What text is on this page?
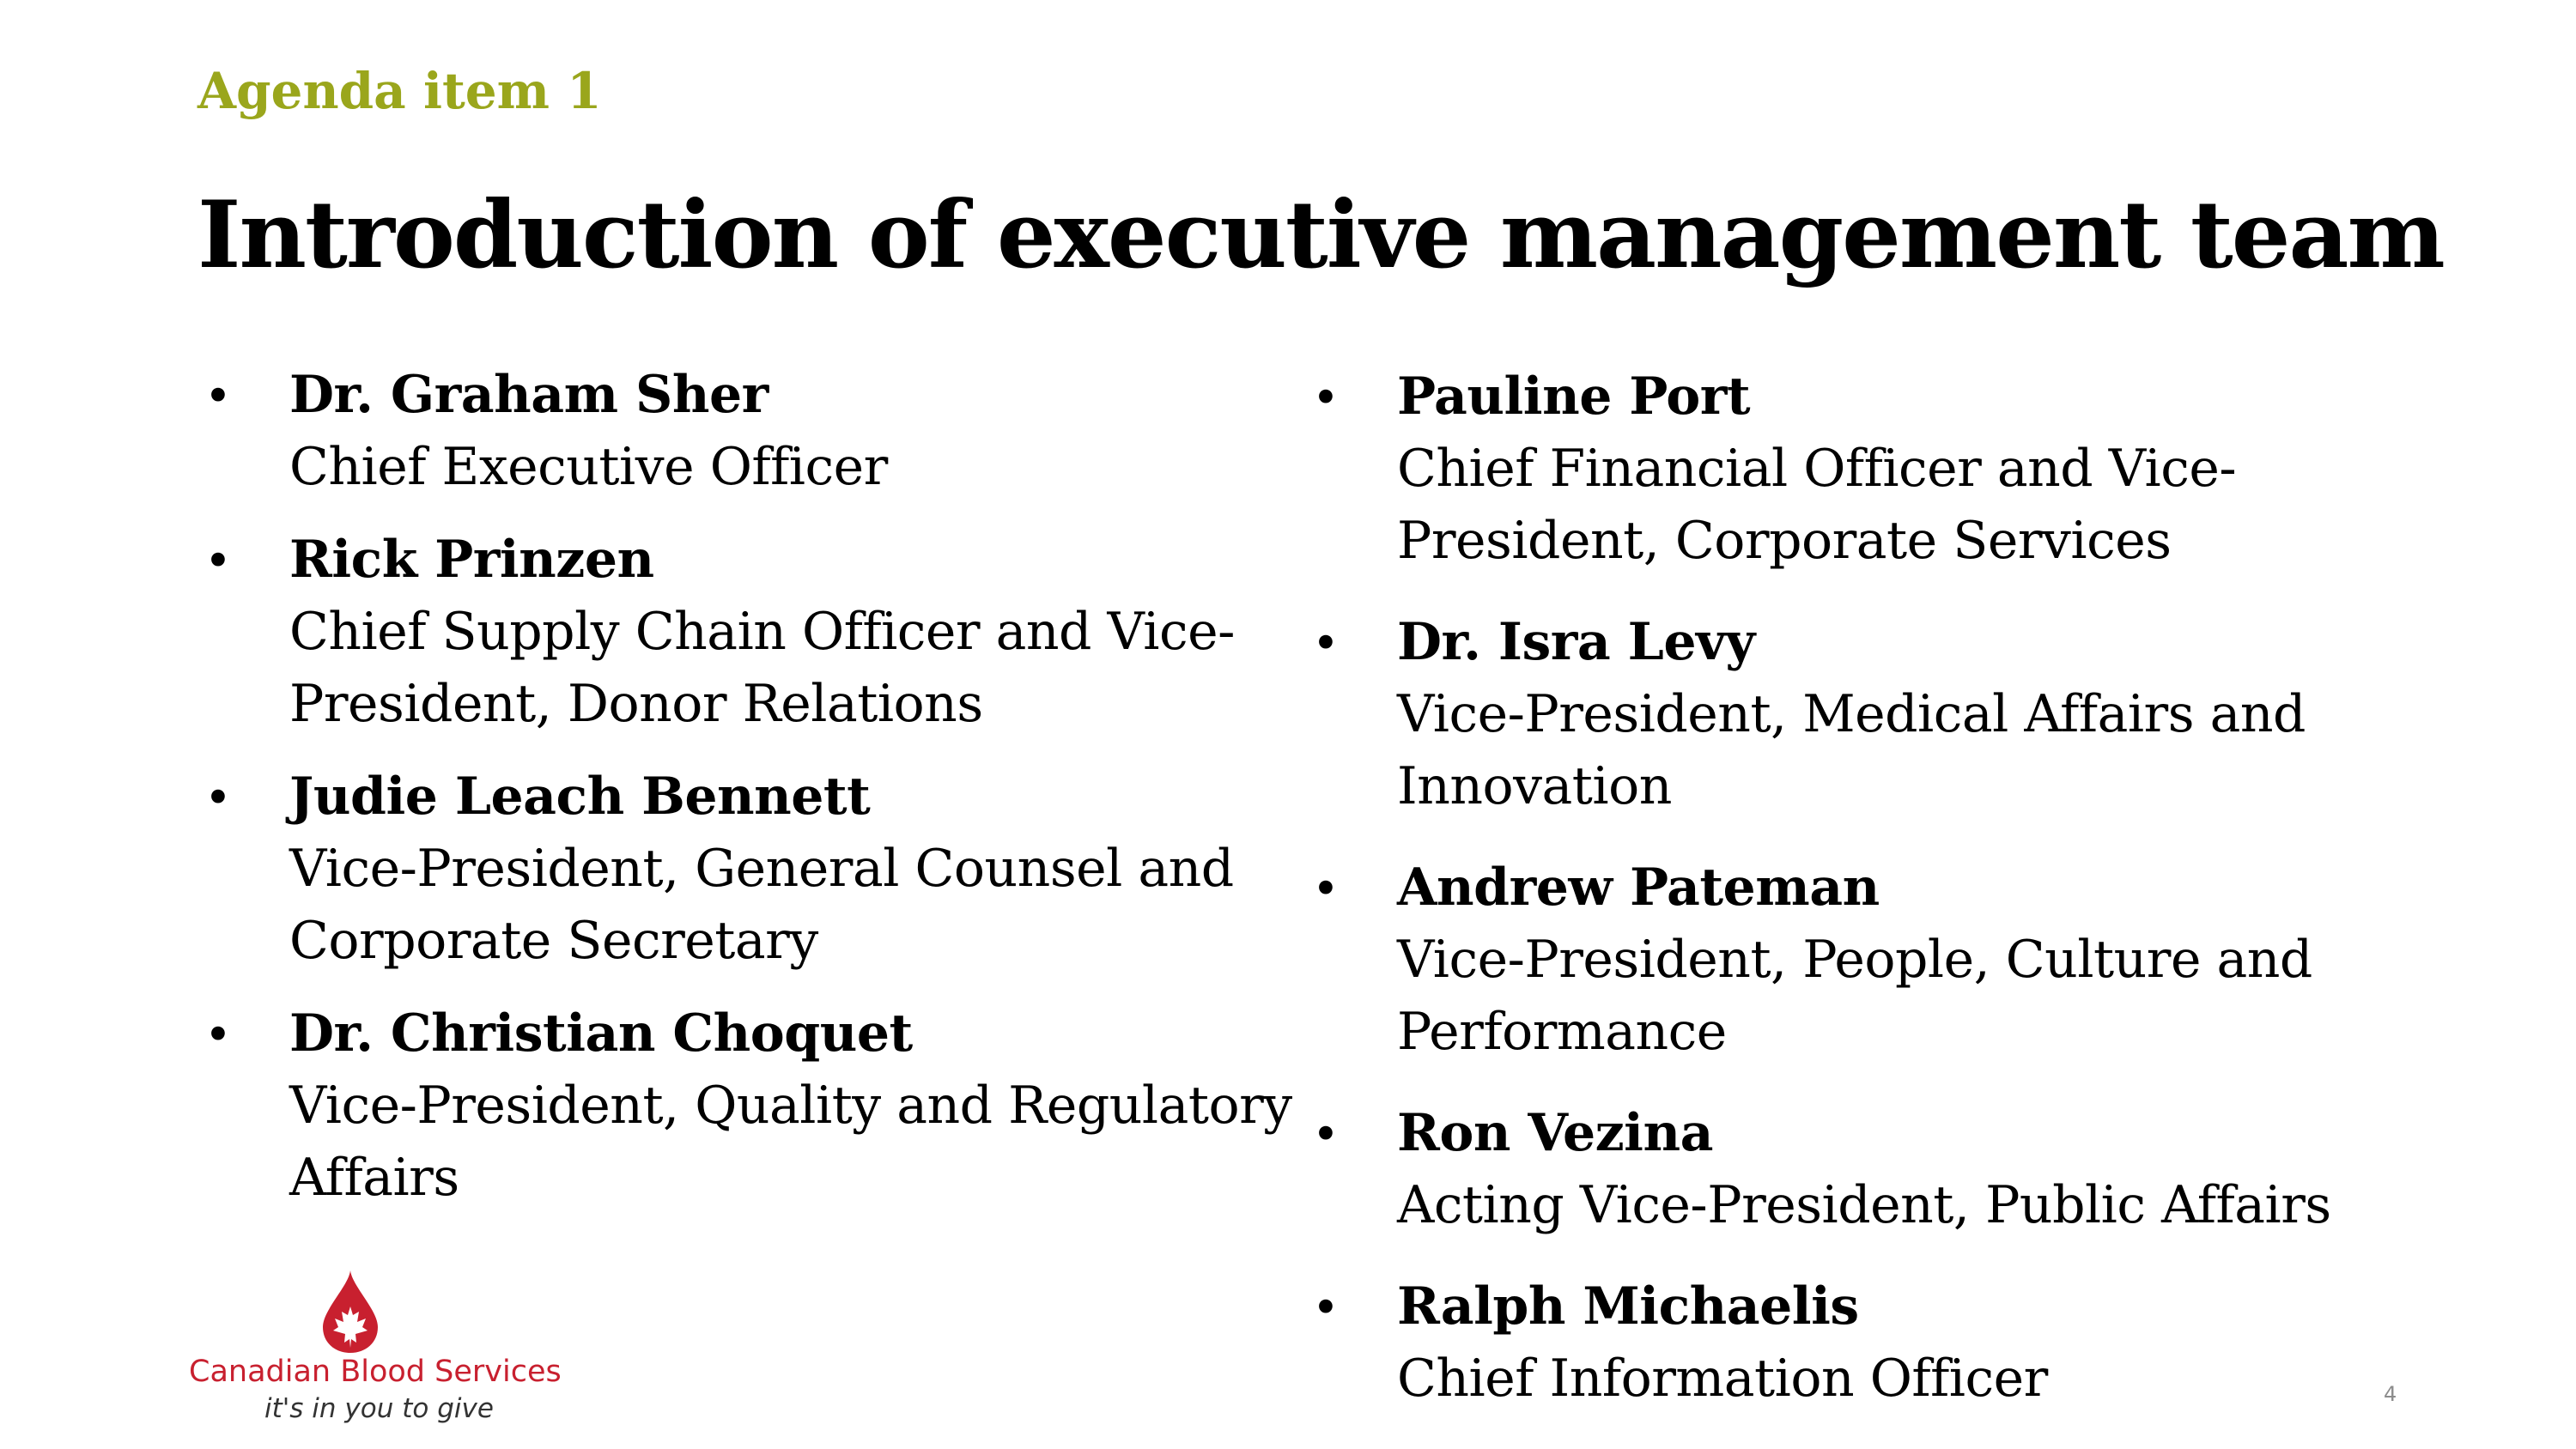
Agenda item 1
Introduction of executive management team
• Dr. Graham Sher
Chief Executive Officer
• Rick Prinzen
Chief Supply Chain Officer and Vice-President, Donor Relations
• Judie Leach Bennett
Vice-President, General Counsel and Corporate Secretary
• Dr. Christian Choquet
Vice-President, Quality and Regulatory Affairs
• Pauline Port
Chief Financial Officer and Vice-President, Corporate Services
• Dr. Isra Levy
Vice-President, Medical Affairs and Innovation
• Andrew Pateman
Vice-President, People, Culture and Performance
• Ron Vezina
Acting Vice-President, Public Affairs
• Ralph Michaelis
Chief Information Officer
Canadian Blood Services
it's in you to give	4
